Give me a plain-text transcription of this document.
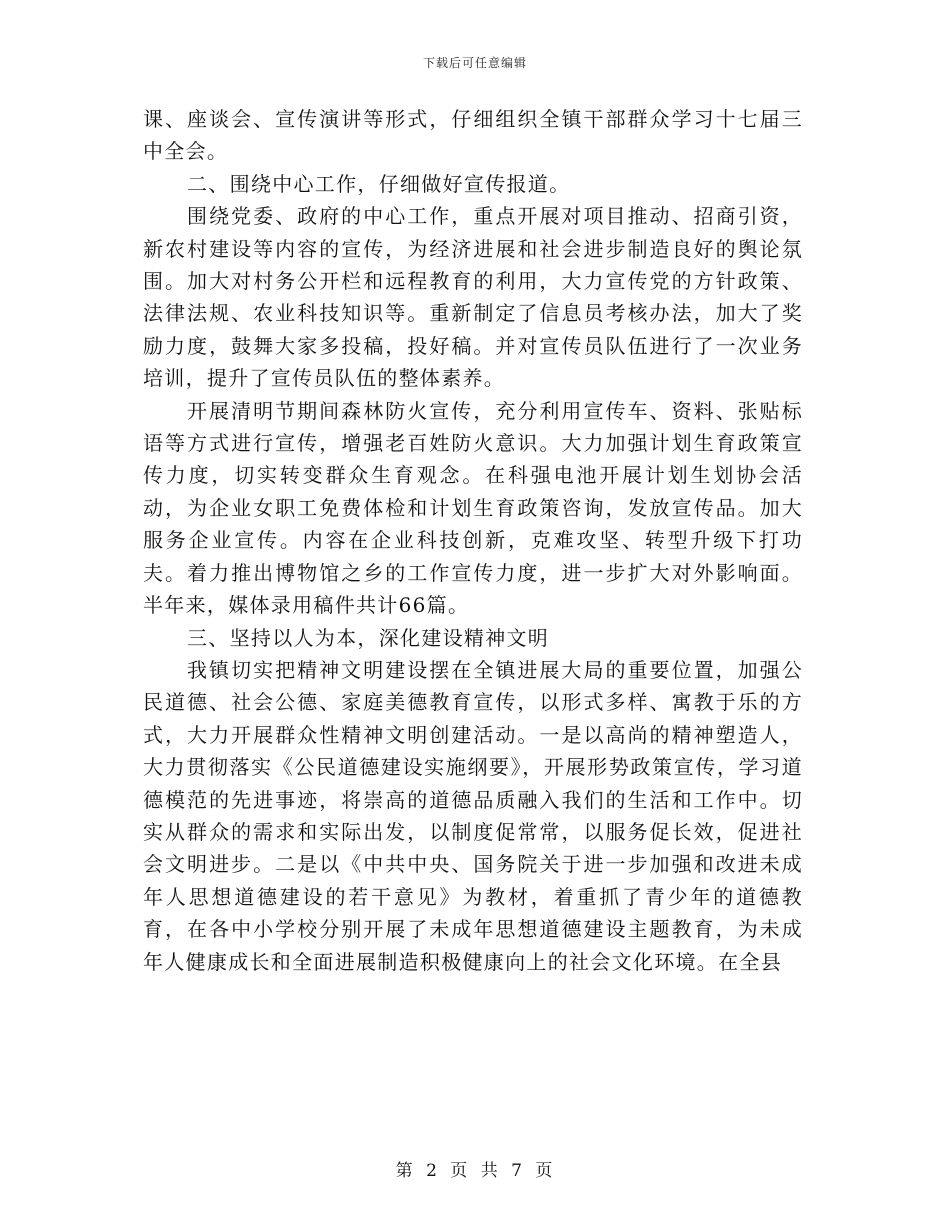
下载后可任意编辑

课、座谈会、宣传演讲等形式，仔细组织全镇干部群众学习十七届三中全会。

二、围绕中心工作，仔细做好宣传报道。

围绕党委、政府的中心工作，重点开展对项目推动、招商引资，新农村建设等内容的宣传，为经济进展和社会进步制造良好的舆论氛围。加大对村务公开栏和远程教育的利用，大力宣传党的方针政策、法律法规、农业科技知识等。重新制定了信息员考核办法，加大了奖励力度，鼓舞大家多投稿，投好稿。并对宣传员队伍进行了一次业务培训，提升了宣传员队伍的整体素养。

开展清明节期间森林防火宣传，充分利用宣传车、资料、张贴标语等方式进行宣传，增强老百姓防火意识。大力加强计划生育政策宣传力度，切实转变群众生育观念。在科强电池开展计划生划协会活动，为企业女职工免费体检和计划生育政策咨询，发放宣传品。加大服务企业宣传。内容在企业科技创新，克难攻坚、转型升级下打功夫。着力推出博物馆之乡的工作宣传力度，进一步扩大对外影响面。半年来，媒体录用稿件共计66篇。

三、坚持以人为本，深化建设精神文明

我镇切实把精神文明建设摆在全镇进展大局的重要位置，加强公民道德、社会公德、家庭美德教育宣传，以形式多样、寓教于乐的方式，大力开展群众性精神文明创建活动。一是以高尚的精神塑造人，大力贯彻落实《公民道德建设实施纲要》，开展形势政策宣传，学习道德模范的先进事迹，将崇高的道德品质融入我们的生活和工作中。切实从群众的需求和实际出发，以制度促常常，以服务促长效，促进社会文明进步。二是以《中共中央、国务院关于进一步加强和改进未成年人思想道德建设的若干意见》为教材，着重抓了青少年的道德教育，在各中小学校分别开展了未成年思想道德建设主题教育，为未成年人健康成长和全面进展制造积极健康向上的社会文化环境。在全县

第 2 页 共 7 页
